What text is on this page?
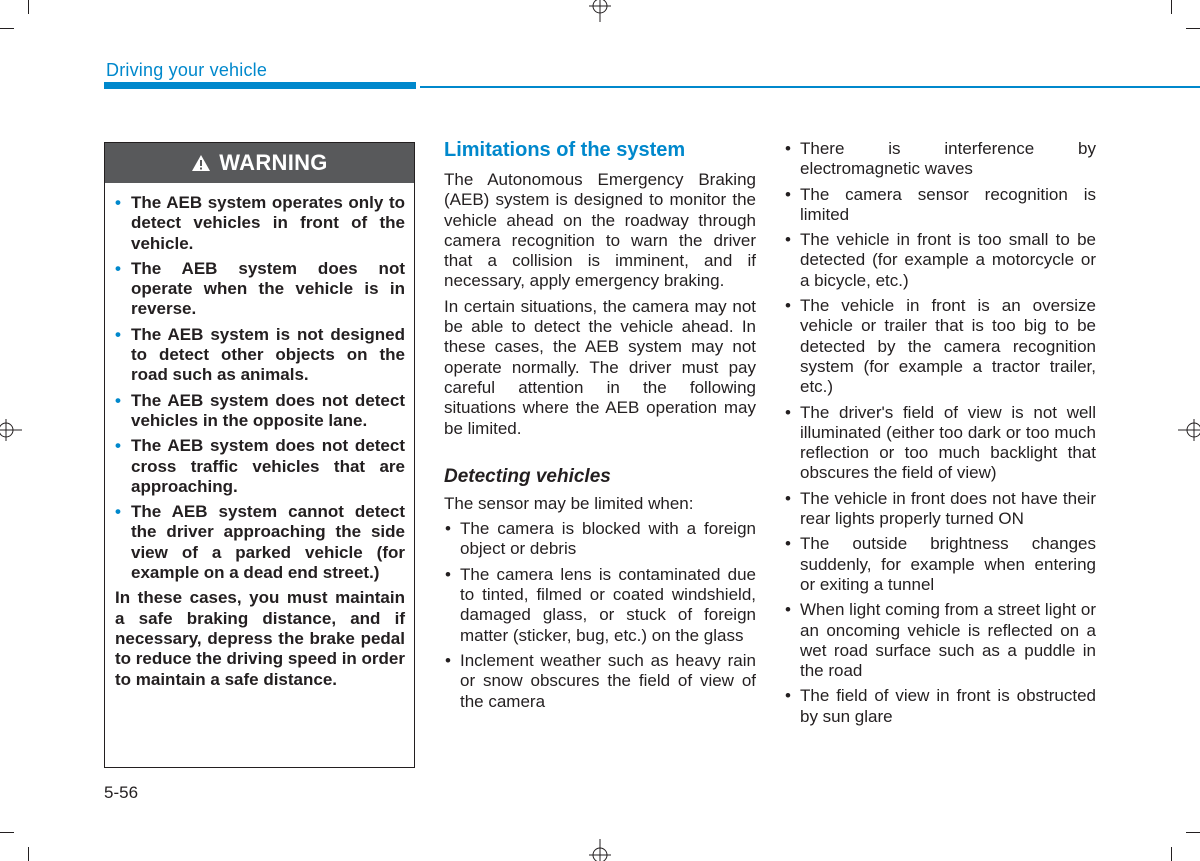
Driving your vehicle
WARNING
• The AEB system operates only to detect vehicles in front of the vehicle.
• The AEB system does not operate when the vehicle is in reverse.
• The AEB system is not designed to detect other objects on the road such as animals.
• The AEB system does not detect vehicles in the opposite lane.
• The AEB system does not detect cross traffic vehicles that are approaching.
• The AEB system cannot detect the driver approaching the side view of a parked vehicle (for example on a dead end street.)

In these cases, you must maintain a safe braking distance, and if necessary, depress the brake pedal to reduce the driving speed in order to maintain a safe distance.

Limitations of the system

The Autonomous Emergency Braking (AEB) system is designed to monitor the vehicle ahead on the roadway through camera recognition to warn the driver that a collision is imminent, and if necessary, apply emergency braking.

In certain situations, the camera may not be able to detect the vehicle ahead. In these cases, the AEB system may not operate normally. The driver must pay careful attention in the following situations where the AEB operation may be limited.

Detecting vehicles

The sensor may be limited when:

• The camera is blocked with a foreign object or debris
• The camera lens is contaminated due to tinted, filmed or coated windshield, damaged glass, or stuck of foreign matter (sticker, bug, etc.) on the glass
• Inclement weather such as heavy rain or snow obscures the field of view of the camera
• There is interference by electromagnetic waves
• The camera sensor recognition is limited
• The vehicle in front is too small to be detected (for example a motorcycle or a bicycle, etc.)
• The vehicle in front is an oversize vehicle or trailer that is too big to be detected by the camera recognition system (for example a tractor trailer, etc.)
• The driver's field of view is not well illuminated (either too dark or too much reflection or too much backlight that obscures the field of view)
• The vehicle in front does not have their rear lights properly turned ON
• The outside brightness changes suddenly, for example when entering or exiting a tunnel
• When light coming from a street light or an oncoming vehicle is reflected on a wet road surface such as a puddle in the road
• The field of view in front is obstructed by sun glare
5-56
